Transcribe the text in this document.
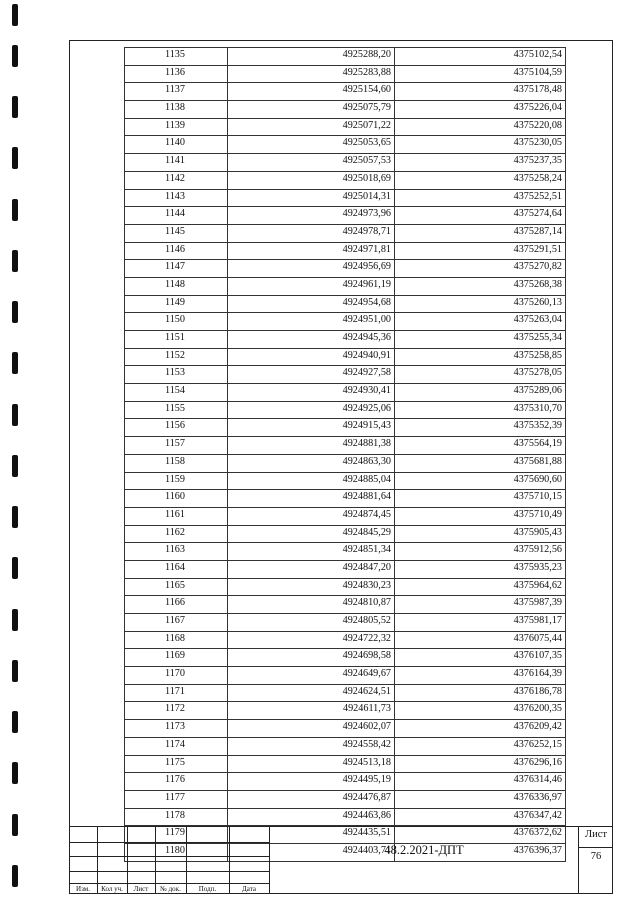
1135	4925288,20	4375102,54
1136	4925283,88	4375104,59
1137	4925154,60	4375178,48
1138	4925075,79	4375226,04
1139	4925071,22	4375220,08
1140	4925053,65	4375230,05
1141	4925057,53	4375237,35
1142	4925018,69	4375258,24
1143	4925014,31	4375252,51
1144	4924973,96	4375274,64
1145	4924978,71	4375287,14
1146	4924971,81	4375291,51
1147	4924956,69	4375270,82
1148	4924961,19	4375268,38
1149	4924954,68	4375260,13
1150	4924951,00	4375263,04
1151	4924945,36	4375255,34
1152	4924940,91	4375258,85
1153	4924927,58	4375278,05
1154	4924930,41	4375289,06
1155	4924925,06	4375310,70
1156	4924915,43	4375352,39
1157	4924881,38	4375564,19
1158	4924863,30	4375681,88
1159	4924885,04	4375690,60
1160	4924881,64	4375710,15
1161	4924874,45	4375710,49
1162	4924845,29	4375905,43
1163	4924851,34	4375912,56
1164	4924847,20	4375935,23
1165	4924830,23	4375964,62
1166	4924810,87	4375987,39
1167	4924805,52	4375981,17
1168	4924722,32	4376075,44
1169	4924698,58	4376107,35
1170	4924649,67	4376164,39
1171	4924624,51	4376186,78
1172	4924611,73	4376200,35
1173	4924602,07	4376209,42
1174	4924558,42	4376252,15
1175	4924513,18	4376296,16
1176	4924495,19	4376314,46
1177	4924476,87	4376336,97
1178	4924463,86	4376347,42
1179	4924435,51	4376372,62
1180	4924403,71	4376396,37
Изм.	Кол уч.	Лист	№ док.	Подп.	Дата
48.2.2021-ДПТ
Лист
76
